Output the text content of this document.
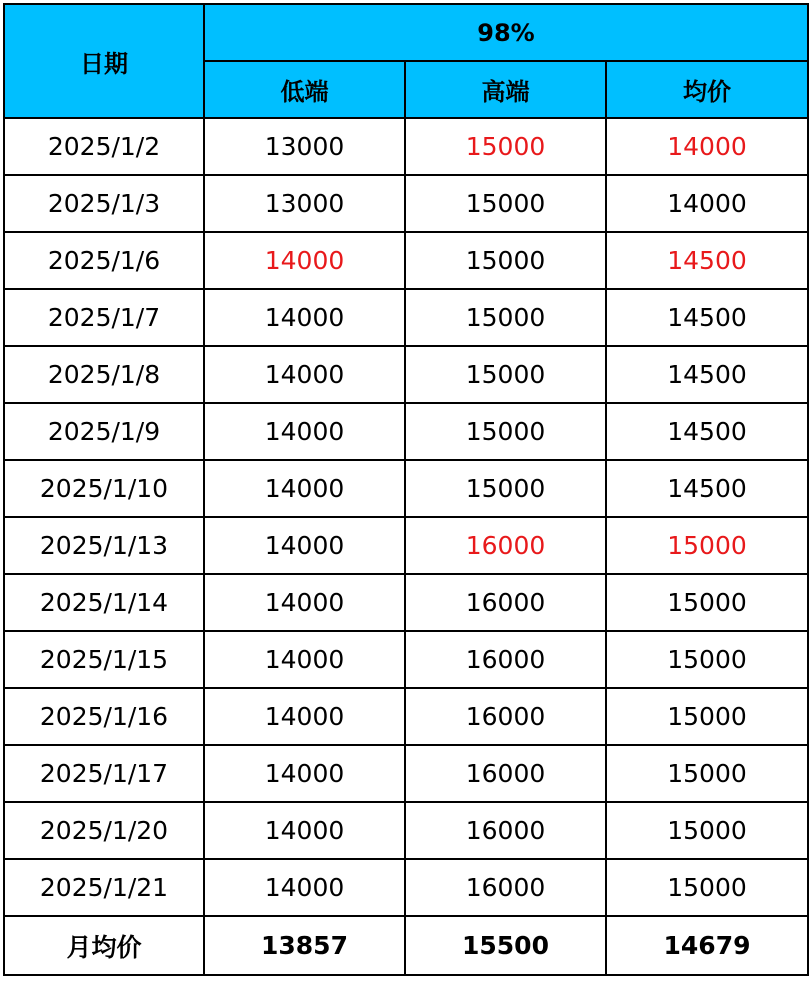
日期	98%		
	低端	高端	均价
2025/1/2	13000	15000	14000
2025/1/3	13000	15000	14000
2025/1/6	14000	15000	14500
2025/1/7	14000	15000	14500
2025/1/8	14000	15000	14500
2025/1/9	14000	15000	14500
2025/1/10	14000	15000	14500
2025/1/13	14000	16000	15000
2025/1/14	14000	16000	15000
2025/1/15	14000	16000	15000
2025/1/16	14000	16000	15000
2025/1/17	14000	16000	15000
2025/1/20	14000	16000	15000
2025/1/21	14000	16000	15000
月均价	13857	15500	14679
